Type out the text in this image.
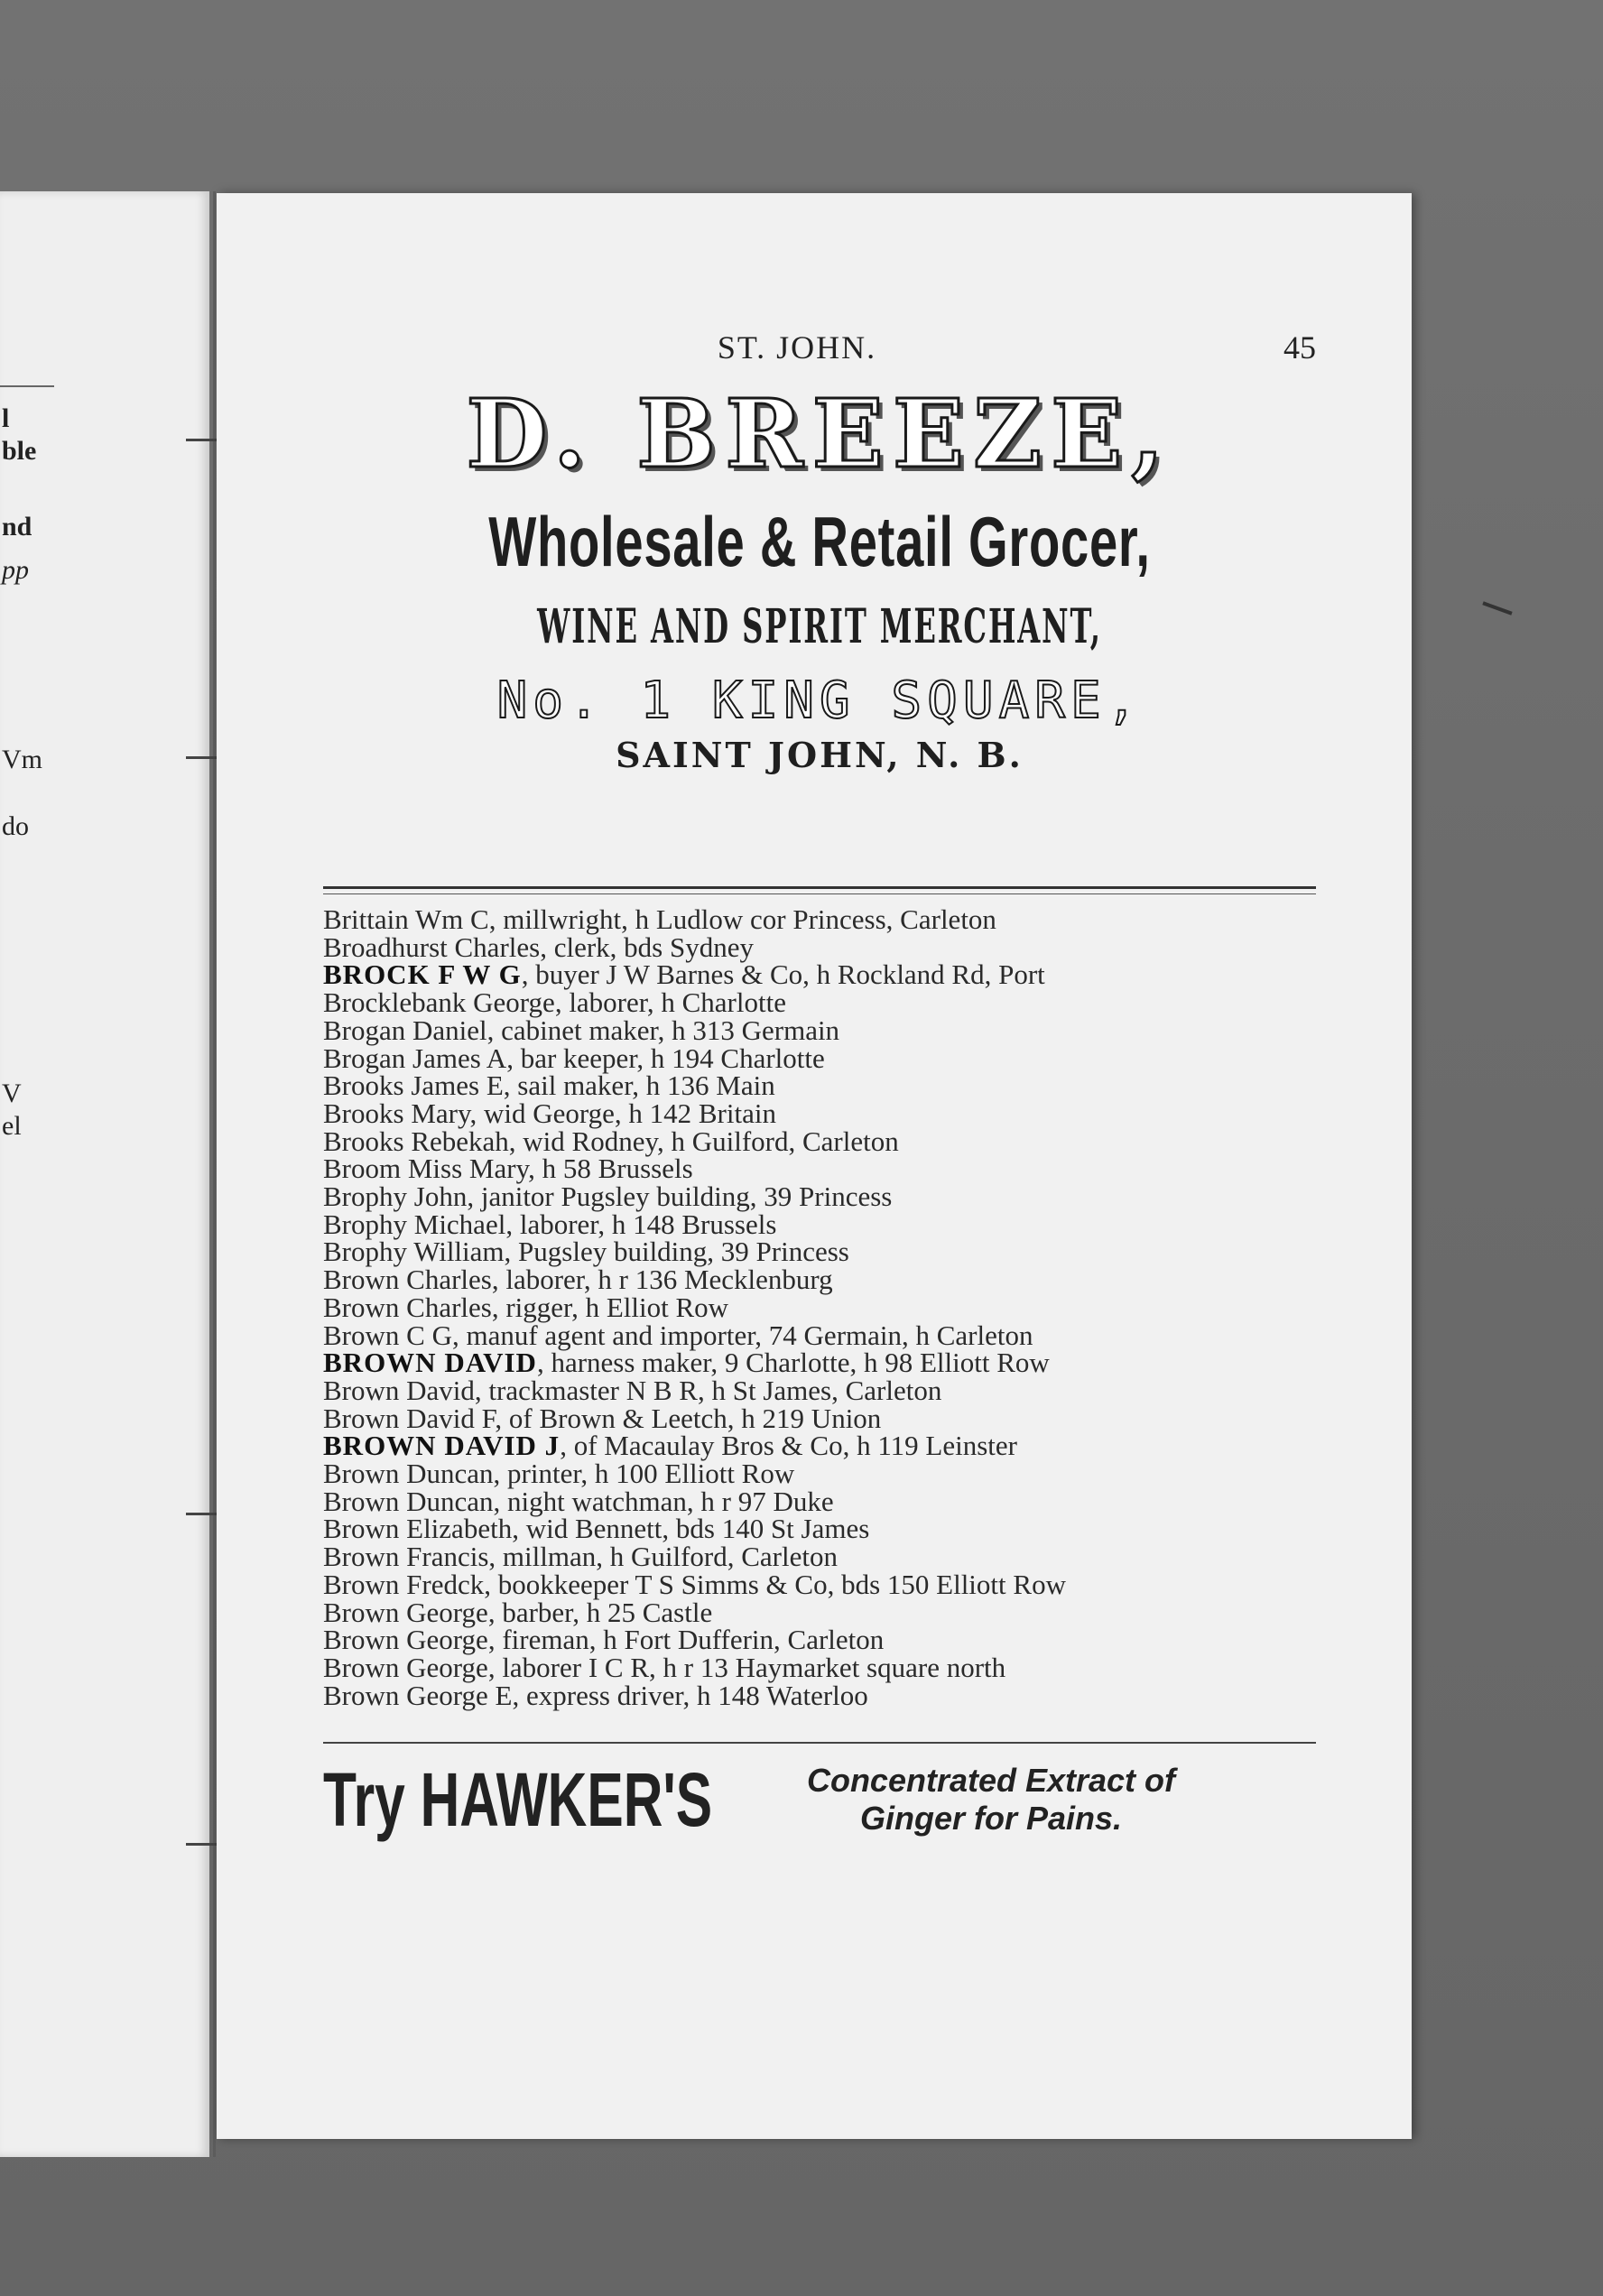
l
ble
nd
pp
Vm
do
V
el
ST. JOHN.	45
D. BREEZE,
Wholesale & Retail Grocer,
WINE AND SPIRIT MERCHANT,
No. 1 KING SQUARE,
SAINT JOHN, N. B.
Brittain Wm C, millwright, h Ludlow cor Princess, Carleton
Broadhurst Charles, clerk, bds Sydney
BROCK F W G, buyer J W Barnes & Co, h Rockland Rd, Port
Brocklebank George, laborer, h Charlotte
Brogan Daniel, cabinet maker, h 313 Germain
Brogan James A, bar keeper, h 194 Charlotte
Brooks James E, sail maker, h 136 Main
Brooks Mary, wid George, h 142 Britain
Brooks Rebekah, wid Rodney, h Guilford, Carleton
Broom Miss Mary, h 58 Brussels
Brophy John, janitor Pugsley building, 39 Princess
Brophy Michael, laborer, h 148 Brussels
Brophy William, Pugsley building, 39 Princess
Brown Charles, laborer, h r 136 Mecklenburg
Brown Charles, rigger, h Elliot Row
Brown C G, manuf agent and importer, 74 Germain, h Carleton
BROWN DAVID, harness maker, 9 Charlotte, h 98 Elliott Row
Brown David, trackmaster N B R, h St James, Carleton
Brown David F, of Brown & Leetch, h 219 Union
BROWN DAVID J, of Macaulay Bros & Co, h 119 Leinster
Brown Duncan, printer, h 100 Elliott Row
Brown Duncan, night watchman, h r 97 Duke
Brown Elizabeth, wid Bennett, bds 140 St James
Brown Francis, millman, h Guilford, Carleton
Brown Fredck, bookkeeper T S Simms & Co, bds 150 Elliott Row
Brown George, barber, h 25 Castle
Brown George, fireman, h Fort Dufferin, Carleton
Brown George, laborer I C R, h r 13 Haymarket square north
Brown George E, express driver, h 148 Waterloo
Try HAWKER'S	Concentrated Extract of
Ginger for Pains.
